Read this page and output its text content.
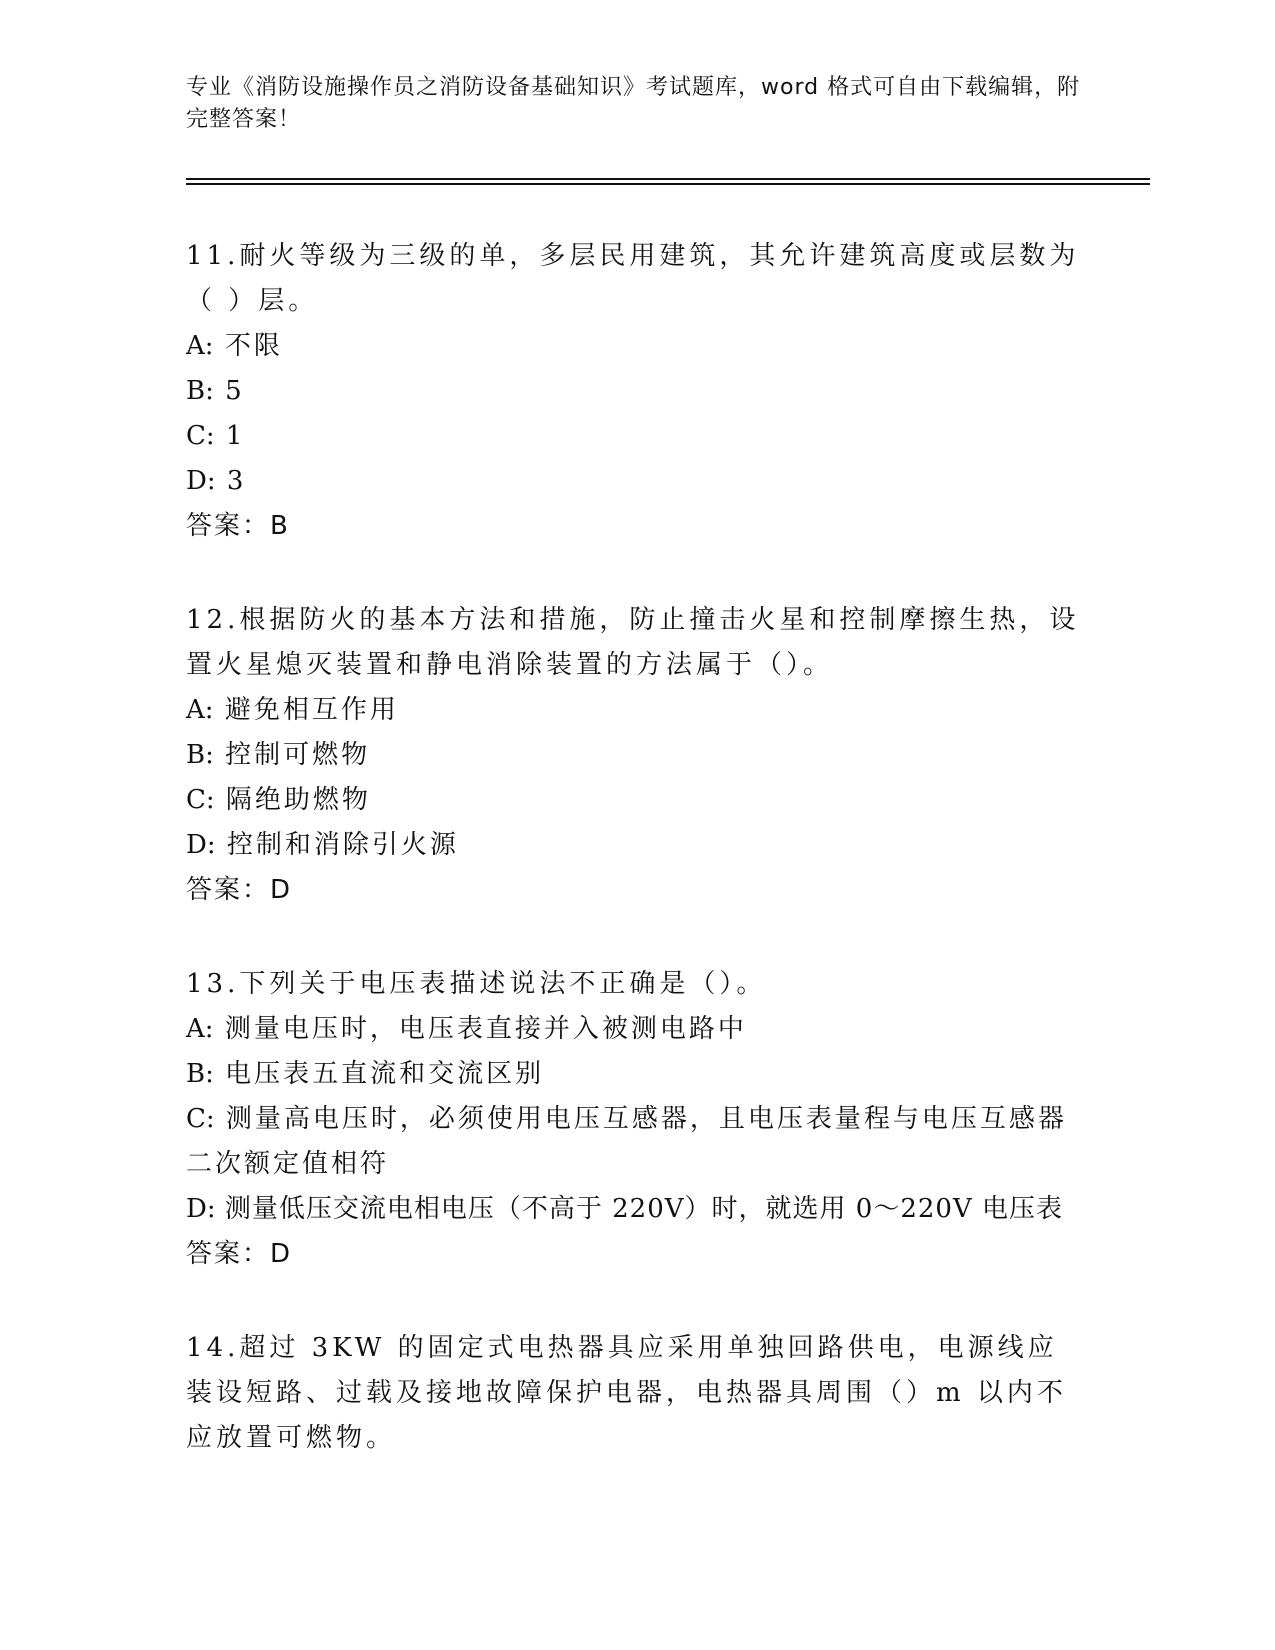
专业《消防设施操作员之消防设备基础知识》考试题库，word 格式可自由下载编辑，附完整答案！

11.耐火等级为三级的单，多层民用建筑，其允许建筑高度或层数为（ ）层。

A: 不限

B: 5

C: 1

D: 3

答案：B

12.根据防火的基本方法和措施，防止撞击火星和控制摩擦生热，设置火星熄灭装置和静电消除装置的方法属于（）。

A: 避免相互作用

B: 控制可燃物

C: 隔绝助燃物

D: 控制和消除引火源

答案：D

13.下列关于电压表描述说法不正确是（）。

A: 测量电压时，电压表直接并入被测电路中

B: 电压表五直流和交流区别

C: 测量高电压时，必须使用电压互感器，且电压表量程与电压互感器二次额定值相符

D: 测量低压交流电相电压（不高于 220V）时，就选用 0～220V 电压表

答案：D

14.超过 3KW 的固定式电热器具应采用单独回路供电，电源线应装设短路、过载及接地故障保护电器，电热器具周围（）m 以内不应放置可燃物。
